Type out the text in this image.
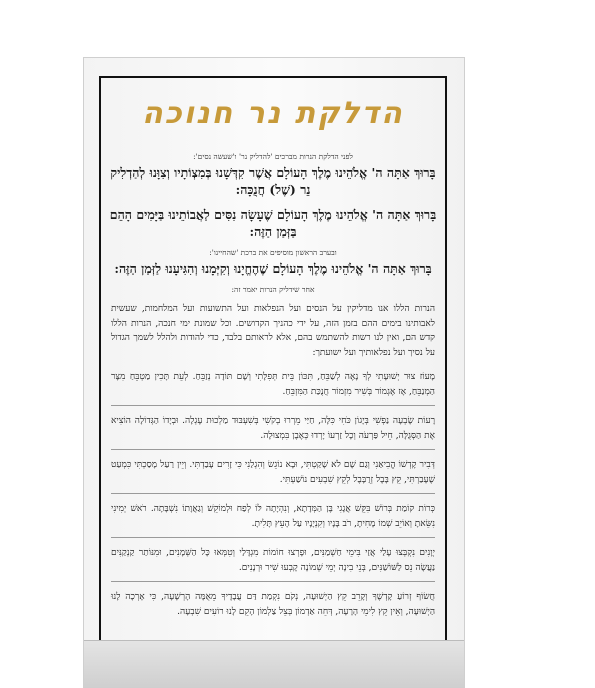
הדלקת נר חנוכה
לפני הדלקת הנרות מברכים 'להדליק נר' ו'שעשה נסים':
בָּרוּךְ אַתָּה ה' אֱלֹהֵינוּ מֶלֶךְ הָעוֹלָם אֲשֶׁר קִדְּשָׁנוּ בְּמִצְוֹתָיו וְצִוָּנוּ לְהַדְלִיק נֵר (שֶׁל) חֲנֻכָּה:
בָּרוּךְ אַתָּה ה' אֱלֹהֵינוּ מֶלֶךְ הָעוֹלָם שֶׁעָשָׂה נִסִּים לַאֲבוֹתֵינוּ בַּיָּמִים הָהֵם בַּזְּמַן הַזֶּה:
ובערב הראשון מוסיפים את ברכת 'שהחיינו':
בָּרוּךְ אַתָּה ה' אֱלֹהֵינוּ מֶלֶךְ הָעוֹלָם שֶׁהֶחֱיָנוּ וְקִיְּמָנוּ וְהִגִּיעָנוּ לַזְּמַן הַזֶּה:
אחר שידליק הנרות יאמר זה:
הנרות הללו אנו מדליקין על הנסים ועל הנפלאות ועל התשועות ועל המלחמות, שעשית לאבותינו בימים ההם בזמן הזה, על ידי כהניך הקדושים. וכל שמונת ימי חנכה, הנרות הללו קדש הם, ואין לנו רשות להשתמש בהם, אלא לראותם בלבד, כדי להודות ולהלל לשמך הגדול על נסיך ועל נפלאותיך ועל ישועתך:
מָעוֹז צוּר יְשׁוּעָתִי לְךָ נָאֶה לְשַׁבֵּחַ, תִּכּוֹן בֵּית תְּפִלָּתִי וְשָׁם תּוֹדָה נְזַבֵּחַ. לְעֵת תָּכִין מַטְבֵּחַ מִצָּר הַמְנַבֵּחַ, אָז אֶגְמוֹר בְּשִׁיר מִזְמוֹר חֲנֻכַּת הַמִּזְבֵּחַ.
רָעוֹת שָׂבְעָה נַפְשִׁי בְּיָגוֹן כֹּחִי כִּלָּה, חַיַּי מֵרְרוּ בְקֹשִׁי בְּשִׁעְבּוּד מַלְכוּת עֶגְלָה. וּבְיָדוֹ הַגְּדוֹלָה הוֹצִיא אֶת הַסְּגֻלָּה, חֵיל פַּרְעֹה וְכָל זַרְעוֹ יָרְדוּ כְּאֶבֶן בִּמְצוּלָה.
דְּבִיר קָדְשׁוֹ הֱבִיאַנִי וְגַם שָׁם לֹא שָׁקַטְתִּי, וּבָא נוֹגֵשׂ וְהִגְלַנִי כִּי זָרִים עָבַדְתִּי. וְיֵין רַעַל מָסַכְתִּי כִּמְעַט שֶׁעָבַרְתִּי, קֵץ בָּבֶל זְרֻבָּבֶל לְקֵץ שִׁבְעִים נוֹשַׁעְתִּי.
כְּרוֹת קוֹמַת בְּרוֹשׁ בִּקֵּשׁ אֲגָגִי בֶּן הַמְּדָתָא, וְנִהְיָתָה לּוֹ לְפַח וּלְמוֹקֵשׁ וְגַאֲוָתוֹ נִשְׁבָּתָה. רֹאשׁ יְמִינִי נִשֵּׂאתָ וְאוֹיֵב שְׁמוֹ מָחִיתָ, רֹב בָּנָיו וְקִנְיָנָיו עַל הָעֵץ תָּלִיתָ.
יְוָנִים נִקְבְּצוּ עָלַי אֲזַי בִּימֵי חַשְׁמַנִּים, וּפָרְצוּ חוֹמוֹת מִגְדָּלַי וְטִמְּאוּ כָּל הַשְּׁמָנִים, וּמִנּוֹתַר קַנְקַנִּים נַעֲשָׂה נֵס לַשּׁוֹשַׁנִּים, בְּנֵי בִינָה יְמֵי שְׁמוֹנָה קָבְעוּ שִׁיר וּרְנָנִים.
חֲשׂוֹף זְרוֹעַ קָדְשֶׁךָ וְקָרֵב קֵץ הַיְשׁוּעָה, נְקֹם נִקְמַת דַּם עֲבָדֶיךָ מֵאֻמָּה הָרְשָׁעָה, כִּי אָרְכָה לָנוּ הַיְשׁוּעָה, וְאֵין קֵץ לִימֵי הָרָעָה, דְּחֵה אַדְמוֹן בְּצֵל צַלְמוֹן הָקֵם לָנוּ רוֹעִים שִׁבְעָה.
